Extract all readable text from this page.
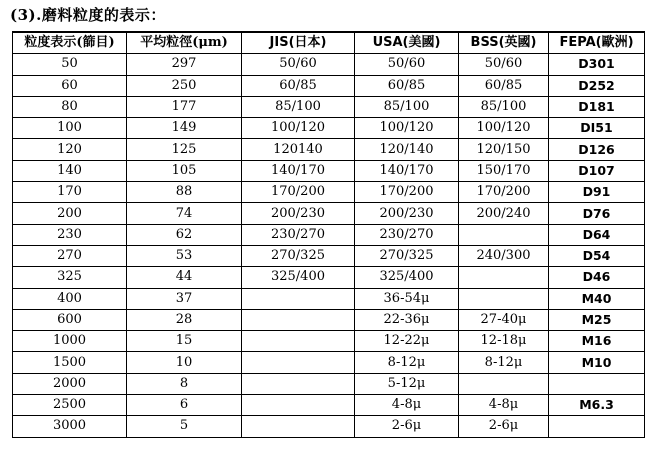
(3).磨料粒度的表示：
粒度表示(篩目)	平均粒徑(μm)	JIS(日本)	USA(美國)	BSS(英國)	FEPA(歐洲)
50	297	50/60	50/60	50/60	D301
60	250	60/85	60/85	60/85	D252
80	177	85/100	85/100	85/100	D181
100	149	100/120	100/120	100/120	DI51
120	125	120140	120/140	120/150	D126
140	105	140/170	140/170	150/170	D107
170	88	170/200	170/200	170/200	D91
200	74	200/230	200/230	200/240	D76
230	62	230/270	230/270		D64
270	53	270/325	270/325	240/300	D54
325	44	325/400	325/400		D46
400	37		36-54μ		M40
600	28		22-36μ	27-40μ	M25
1000	15		12-22μ	12-18μ	M16
1500	10		8-12μ	8-12μ	M10
2000	8		5-12μ		
2500	6		4-8μ	4-8μ	M6.3
3000	5		2-6μ	2-6μ	
